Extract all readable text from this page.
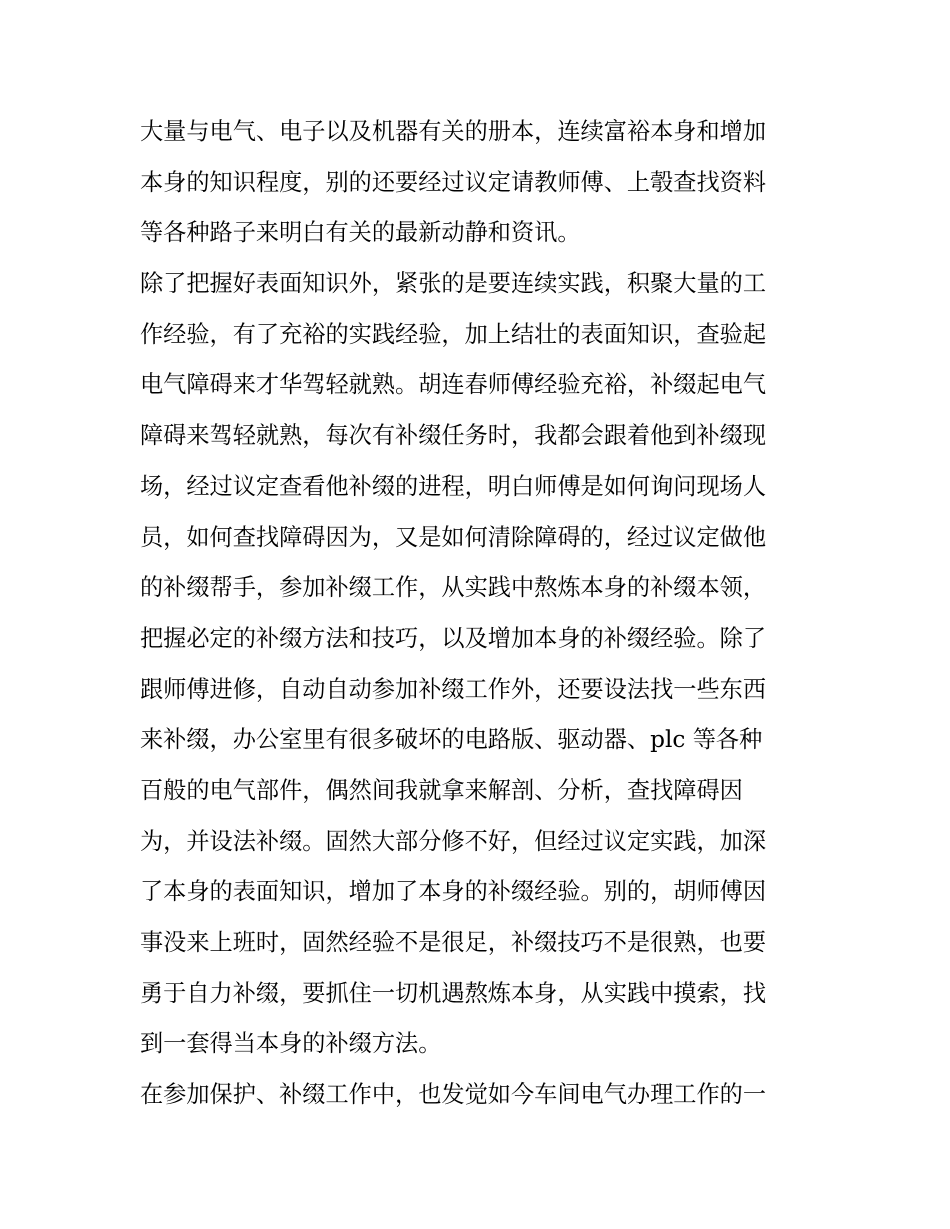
大量与电气、电子以及机器有关的册本，连续富裕本身和增加
本身的知识程度，别的还要经过议定请教师傅、上彀查找资料
等各种路子来明白有关的最新动静和资讯。
除了把握好表面知识外，紧张的是要连续实践，积聚大量的工
作经验，有了充裕的实践经验，加上结壮的表面知识，查验起
电气障碍来才华驾轻就熟。胡连春师傅经验充裕，补缀起电气
障碍来驾轻就熟，每次有补缀任务时，我都会跟着他到补缀现
场，经过议定查看他补缀的进程，明白师傅是如何询问现场人
员，如何查找障碍因为，又是如何清除障碍的，经过议定做他
的补缀帮手，参加补缀工作，从实践中熬炼本身的补缀本领，
把握必定的补缀方法和技巧，以及增加本身的补缀经验。除了
跟师傅进修，自动自动参加补缀工作外，还要设法找一些东西
来补缀，办公室里有很多破坏的电路版、驱动器、plc 等各种
百般的电气部件，偶然间我就拿来解剖、分析，查找障碍因
为，并设法补缀。固然大部分修不好，但经过议定实践，加深
了本身的表面知识，增加了本身的补缀经验。别的，胡师傅因
事没来上班时，固然经验不是很足，补缀技巧不是很熟，也要
勇于自力补缀，要抓住一切机遇熬炼本身，从实践中摸索，找
到一套得当本身的补缀方法。
在参加保护、补缀工作中，也发觉如今车间电气办理工作的一
